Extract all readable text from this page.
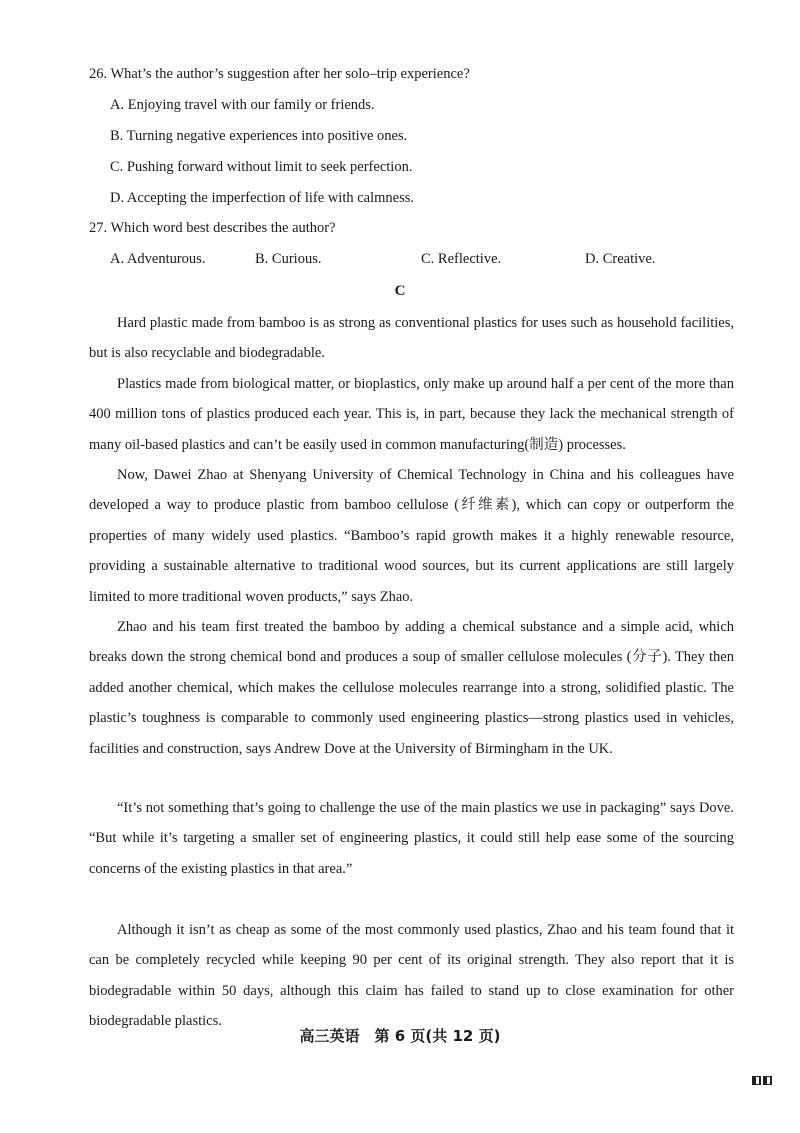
26. What’s the author’s suggestion after her solo–trip experience?
A. Enjoying travel with our family or friends.
B. Turning negative experiences into positive ones.
C. Pushing forward without limit to seek perfection.
D. Accepting the imperfection of life with calmness.
27. Which word best describes the author?
A. Adventurous.	B. Curious.	C. Reflective.	D. Creative.
C
Hard plastic made from bamboo is as strong as conventional plastics for uses such as household facilities, but is also recyclable and biodegradable.
Plastics made from biological matter, or bioplastics, only make up around half a per cent of the more than 400 million tons of plastics produced each year. This is, in part, because they lack the mechanical strength of many oil-based plastics and can’t be easily used in common manufacturing(制造) processes.
Now, Dawei Zhao at Shenyang University of Chemical Technology in China and his colleagues have developed a way to produce plastic from bamboo cellulose (纤维素), which can copy or outperform the properties of many widely used plastics. “Bamboo’s rapid growth makes it a highly renewable resource, providing a sustainable alternative to traditional wood sources, but its current applications are still largely limited to more traditional woven products,” says Zhao.
Zhao and his team first treated the bamboo by adding a chemical substance and a simple acid, which breaks down the strong chemical bond and produces a soup of smaller cellulose molecules (分子). They then added another chemical, which makes the cellulose molecules rearrange into a strong, solidified plastic. The plastic’s toughness is comparable to commonly used engineering plastics—strong plastics used in vehicles, facilities and construction, says Andrew Dove at the University of Birmingham in the UK.
“It’s not something that’s going to challenge the use of the main plastics we use in packaging” says Dove. “But while it’s targeting a smaller set of engineering plastics, it could still help ease some of the sourcing concerns of the existing plastics in that area.”
Although it isn’t as cheap as some of the most commonly used plastics, Zhao and his team found that it can be completely recycled while keeping 90 per cent of its original strength. They also report that it is biodegradable within 50 days, although this claim has failed to stand up to close examination for other biodegradable plastics.
高三英语　第 6 页(共 12 页)
